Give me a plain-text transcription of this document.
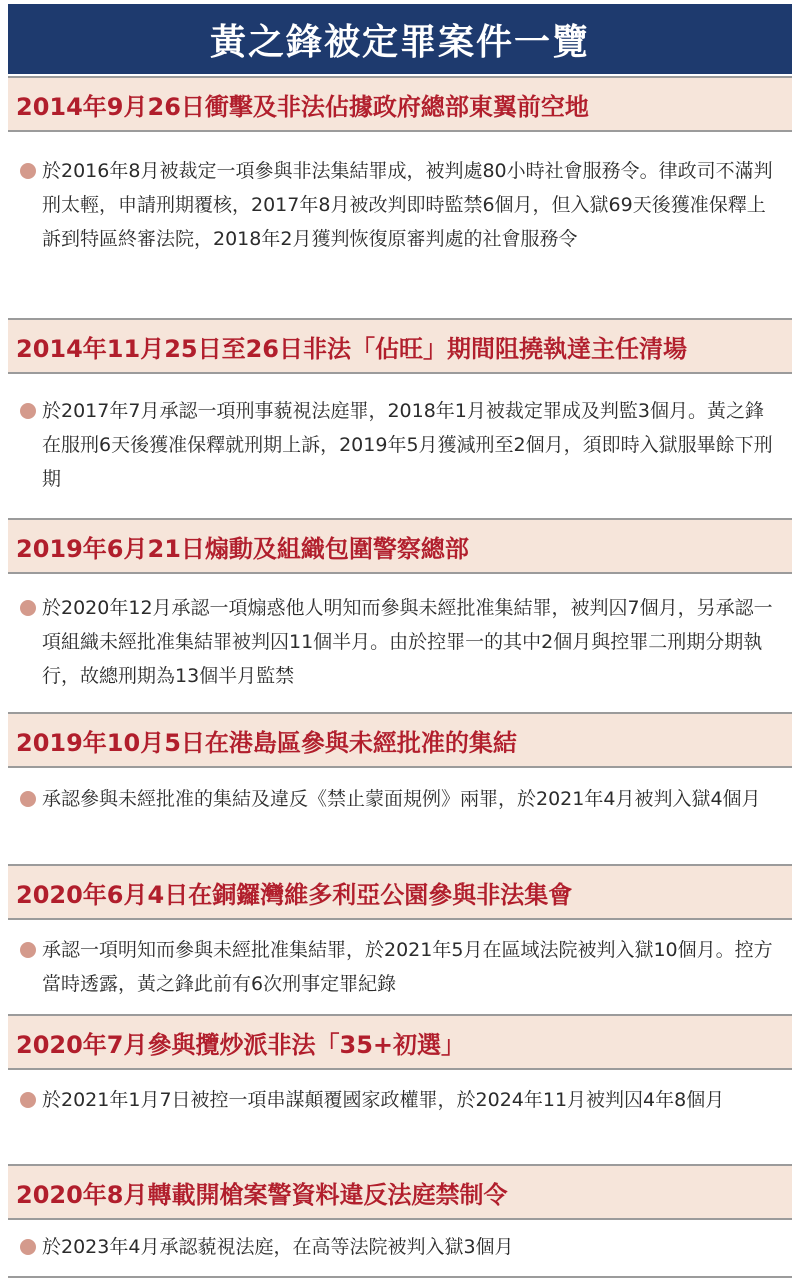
黃之鋒被定罪案件一覽
2014年9月26日衝擊及非法佔據政府總部東翼前空地

於2016年8月被裁定一項參與非法集結罪成，被判處80小時社會服務令。律政司不滿判刑太輕，申請刑期覆核，2017年8月被改判即時監禁6個月，但入獄69天後獲准保釋上訴到特區終審法院，2018年2月獲判恢復原審判處的社會服務令

2014年11月25日至26日非法「佔旺」期間阻撓執達主任清場

於2017年7月承認一項刑事藐視法庭罪，2018年1月被裁定罪成及判監3個月。黃之鋒在服刑6天後獲准保釋就刑期上訴，2019年5月獲減刑至2個月，須即時入獄服畢餘下刑期

2019年6月21日煽動及組織包圍警察總部

於2020年12月承認一項煽惑他人明知而參與未經批准集結罪，被判囚7個月，另承認一項組織未經批准集結罪被判囚11個半月。由於控罪一的其中2個月與控罪二刑期分期執行，故總刑期為13個半月監禁

2019年10月5日在港島區參與未經批准的集結

承認參與未經批准的集結及違反《禁止蒙面規例》兩罪，於2021年4月被判入獄4個月

2020年6月4日在銅鑼灣維多利亞公園參與非法集會

承認一項明知而參與未經批准集結罪，於2021年5月在區域法院被判入獄10個月。控方當時透露，黃之鋒此前有6次刑事定罪紀錄

2020年7月參與攬炒派非法「35+初選」

於2021年1月7日被控一項串謀顛覆國家政權罪，於2024年11月被判囚4年8個月

2020年8月轉載開槍案警資料違反法庭禁制令

於2023年4月承認藐視法庭，在高等法院被判入獄3個月
